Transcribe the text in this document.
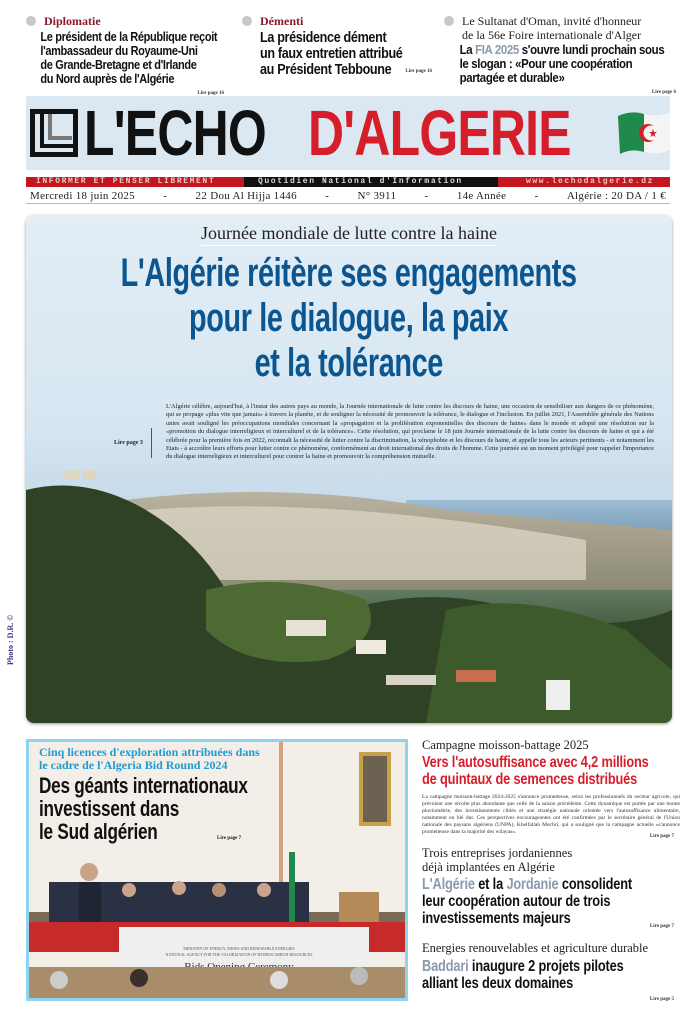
Diplomatie
Le président de la République reçoit
l'ambassadeur du Royaume-Uni
de Grande-Bretagne et d'Irlande
du Nord auprès de l'Algérie
Lire page 16
Démenti
La présidence dément
un faux entretien attribué
au Président Tebboune	Lire page 16
Le Sultanat d'Oman, invité d'honneur
de la 56e Foire internationale d'Alger
La FIA 2025 s'ouvre lundi prochain sous
le slogan : «Pour une coopération
partagée et durable»
Lire page 6
L'ECHO D'ALGERIE
INFORMER ET PENSER LIBREMENT	Quotidien National d'Information	www.lechodalgerie.dz
Mercredi 18 juin 2025	-	22 Dou Al Hijja 1446	-	N° 3911	-	14e Année	-	Algérie : 20 DA / 1 €
Journée mondiale de lutte contre la haine
L'Algérie réitère ses engagements
pour le dialogue, la paix
et la tolérance
Lire page 3
L'Algérie célèbre, aujourd'hui, à l'instar des autres pays au monde, la Journée internationale de lutte contre les discours de haine, une occasion de sensibiliser aux dangers de ce phénomène, qui se propage «plus vite que jamais» à travers la planète, et de souligner la nécessité de promouvoir la tolérance, le dialogue et l'inclusion. En juillet 2021, l'Assemblée générale des Nations unies avait souligné les préoccupations mondiales concernant la «propagation et la prolifération exponentielles des discours de haine» dans le monde et adopté une résolution sur la «promotion du dialogue interreligieux et interculturel et de la tolérance». Cette résolution, qui proclame le 18 juin Journée internationale de la lutte contre les discours de haine et qui a été célébrée pour la première fois en 2022, reconnaît la nécessité de lutter contre la discrimination, la xénophobie et les discours de haine, et appelle tous les acteurs pertinents - et notamment les Etats - à accroître leurs efforts pour lutter contre ce phénomène, conformément au droit international des droits de l'homme. Cette journée est un moment privilégié pour rappeler l'importance du dialogue interreligieux et interculturel pour contrer la haine et promouvoir la compréhension mutuelle.
Photo : D.R. ©
MINISTRY OF ENERGY, MINES AND RENEWABLE ENERGIES
NATIONAL AGENCY FOR THE VALORIZATION OF HYDROCARBON RESOURCES
Cinq licences d'exploration attribuées dans
le cadre de l'Algeria Bid Round 2024
Des géants internationaux
investissent dans
le Sud algérien	Lire page 7
Campagne moisson-battage 2025
Vers l'autosuffisance avec 4,2 millions
de quintaux de semences distribués
La campagne moisson-battage 2024-2025 s'annonce prometteuse, selon les professionnels du secteur agricole, qui prévoient une récolte plus abondante que celle de la saison précédente. Cette dynamique est portée par une bonne pluviométrie, des investissements ciblés et une stratégie nationale orientée vers l'autosuffisance alimentaire, notamment en blé dur. Ces perspectives encourageantes ont été confirmées par le secrétaire général de l'Union nationale des paysans algériens (UNPA), Khelfallah Mechri, qui a souligné que la campagne actuelle «s'annonce prometteuse dans la majorité des wilayas».
Lire page 7
Trois entreprises jordaniennes
déjà implantées en Algérie
L'Algérie et la Jordanie consolident
leur coopération autour de trois
investissements majeurs	Lire page 7
Energies renouvelables et agriculture durable
Baddari inaugure 2 projets pilotes
alliant les deux domaines
Lire page 5
